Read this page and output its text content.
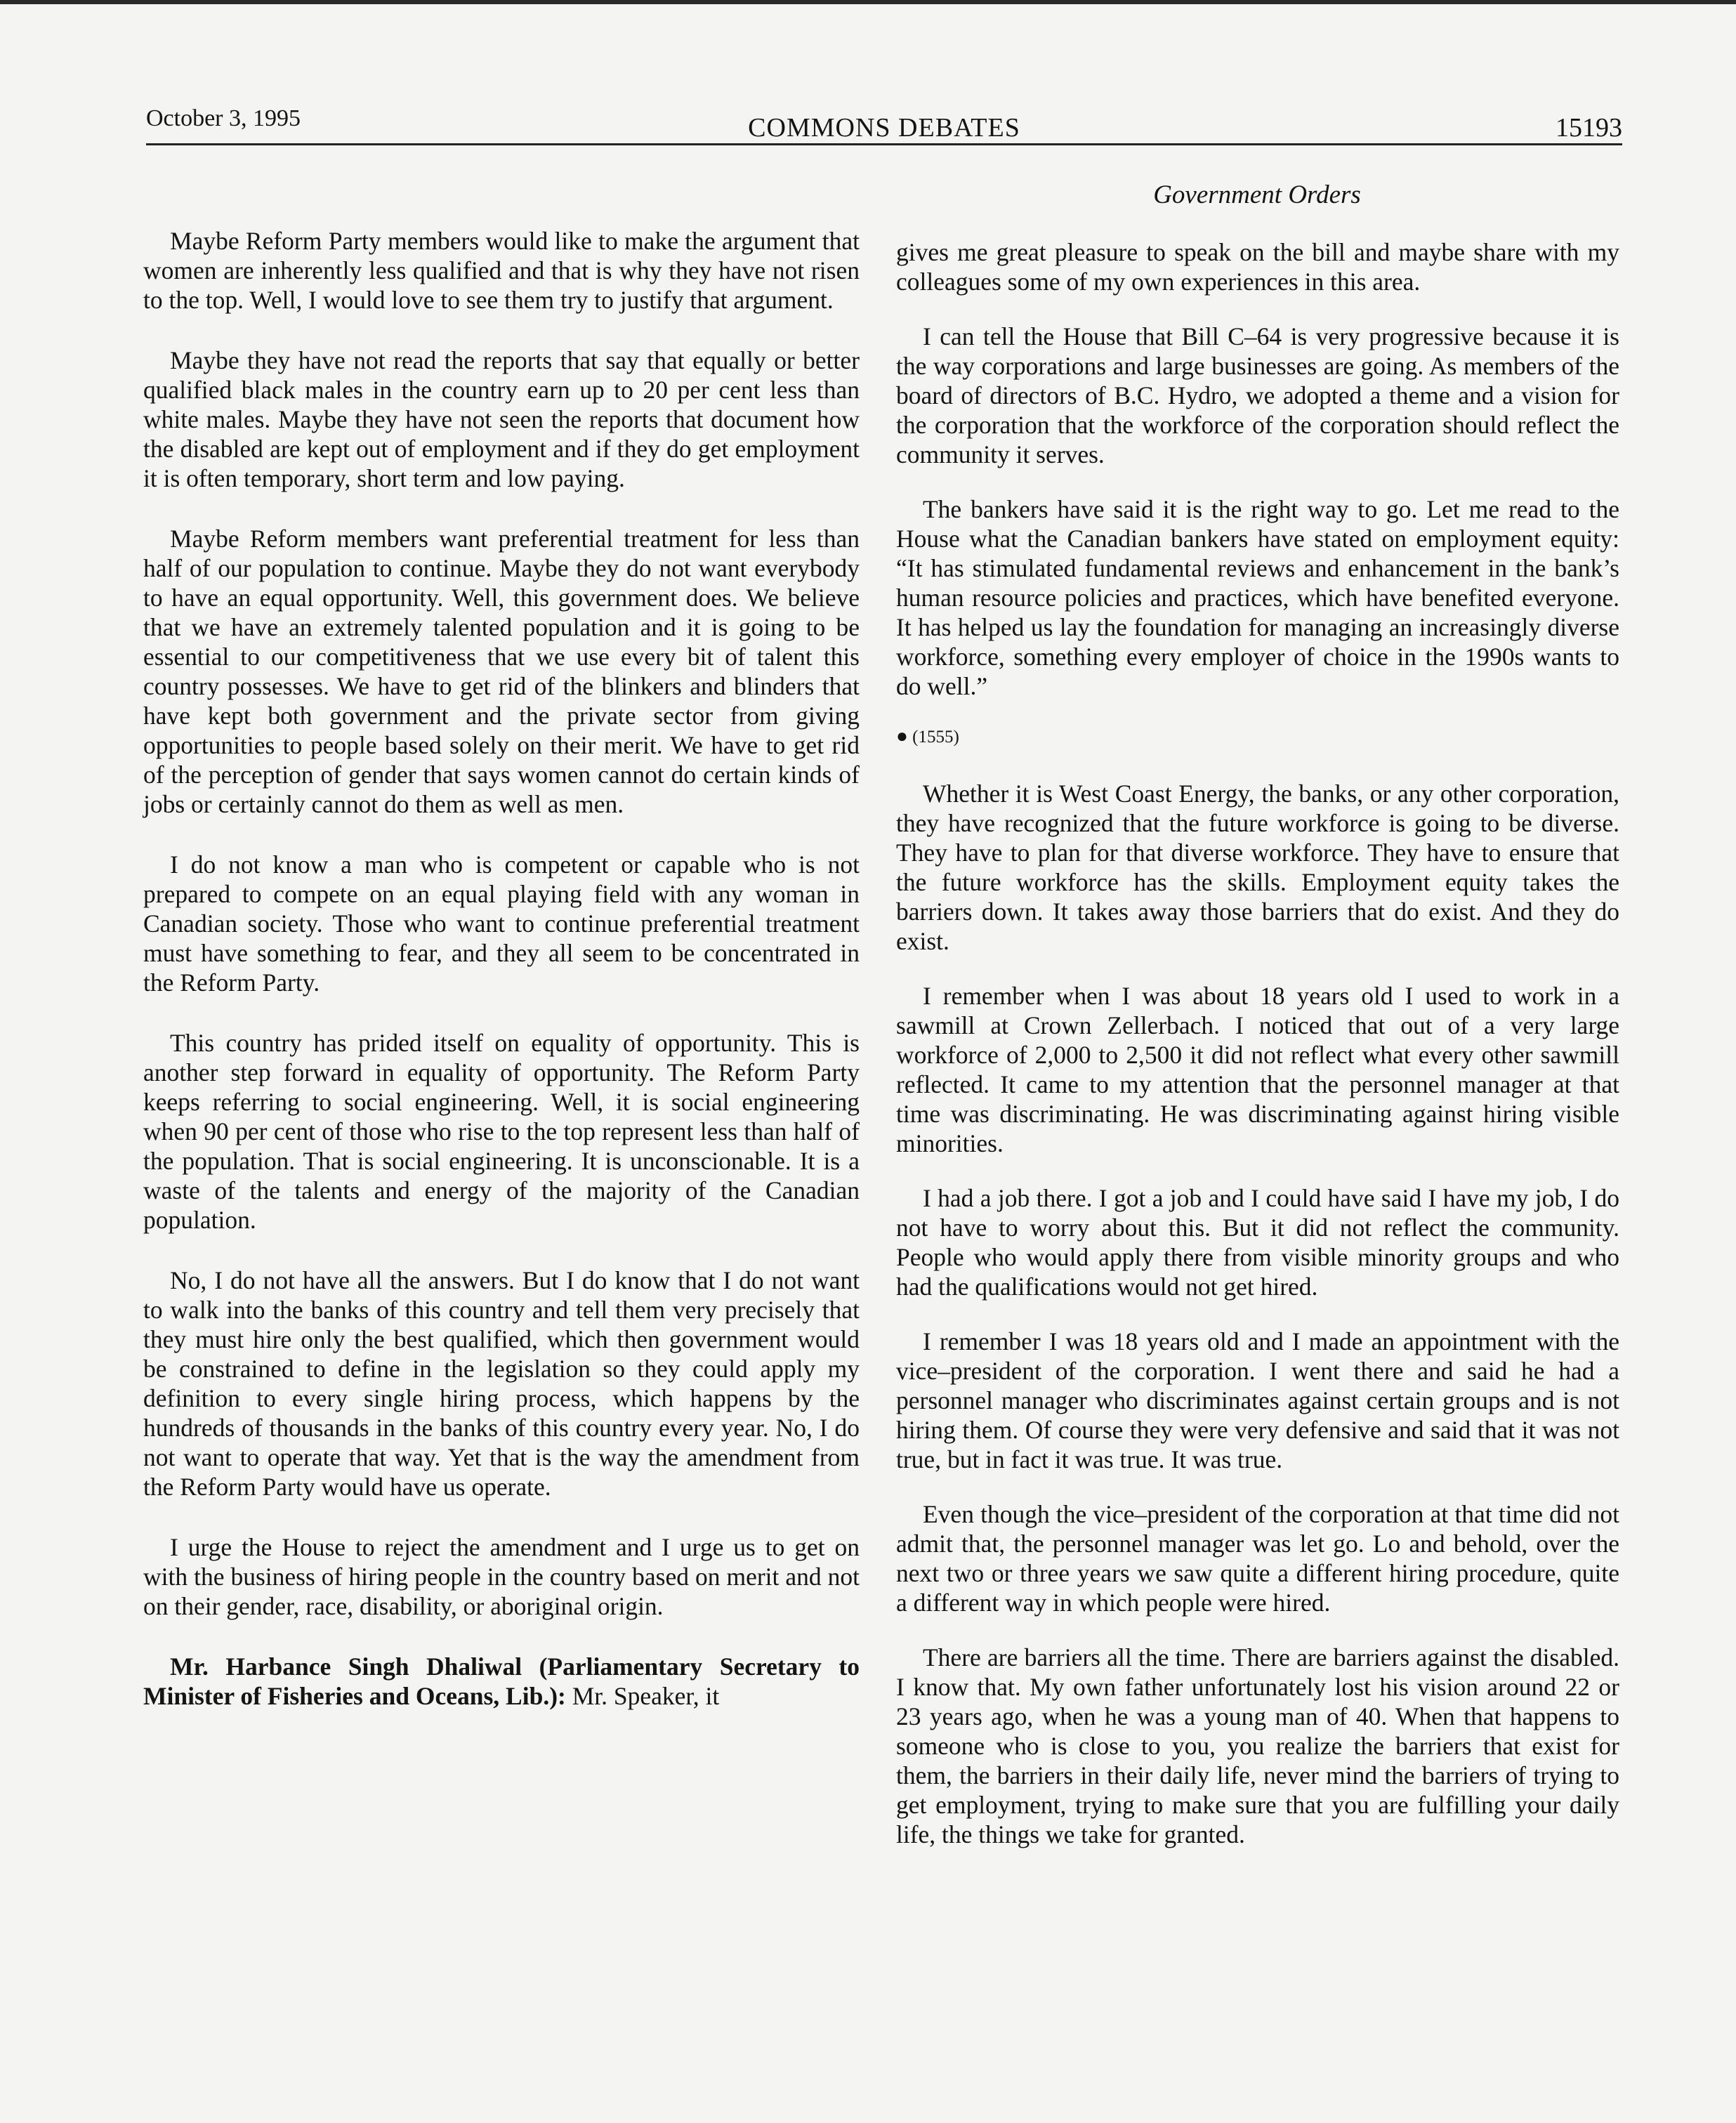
October 3, 1995	COMMONS DEBATES	15193
Government Orders

Maybe Reform Party members would like to make the argument that women are inherently less qualified and that is why they have not risen to the top. Well, I would love to see them try to justify that argument.

Maybe they have not read the reports that say that equally or better qualified black males in the country earn up to 20 per cent less than white males. Maybe they have not seen the reports that document how the disabled are kept out of employment and if they do get employment it is often temporary, short term and low paying.

Maybe Reform members want preferential treatment for less than half of our population to continue. Maybe they do not want everybody to have an equal opportunity. Well, this government does. We believe that we have an extremely talented population and it is going to be essential to our competitiveness that we use every bit of talent this country possesses. We have to get rid of the blinkers and blinders that have kept both government and the private sector from giving opportunities to people based solely on their merit. We have to get rid of the perception of gender that says women cannot do certain kinds of jobs or certainly cannot do them as well as men.

I do not know a man who is competent or capable who is not prepared to compete on an equal playing field with any woman in Canadian society. Those who want to continue preferential treatment must have something to fear, and they all seem to be concentrated in the Reform Party.

This country has prided itself on equality of opportunity. This is another step forward in equality of opportunity. The Reform Party keeps referring to social engineering. Well, it is social engineering when 90 per cent of those who rise to the top represent less than half of the population. That is social engineering. It is unconscionable. It is a waste of the talents and energy of the majority of the Canadian population.

No, I do not have all the answers. But I do know that I do not want to walk into the banks of this country and tell them very precisely that they must hire only the best qualified, which then government would be constrained to define in the legislation so they could apply my definition to every single hiring process, which happens by the hundreds of thousands in the banks of this country every year. No, I do not want to operate that way. Yet that is the way the amendment from the Reform Party would have us operate.

I urge the House to reject the amendment and I urge us to get on with the business of hiring people in the country based on merit and not on their gender, race, disability, or aboriginal origin.

Mr. Harbance Singh Dhaliwal (Parliamentary Secretary to Minister of Fisheries and Oceans, Lib.): Mr. Speaker, it

gives me great pleasure to speak on the bill and maybe share with my colleagues some of my own experiences in this area.

I can tell the House that Bill C–64 is very progressive because it is the way corporations and large businesses are going. As members of the board of directors of B.C. Hydro, we adopted a theme and a vision for the corporation that the workforce of the corporation should reflect the community it serves.

The bankers have said it is the right way to go. Let me read to the House what the Canadian bankers have stated on employment equity: “It has stimulated fundamental reviews and enhancement in the bank’s human resource policies and practices, which have benefited everyone. It has helped us lay the foundation for managing an increasingly diverse workforce, something every employer of choice in the 1990s wants to do well.”

● (1555)

Whether it is West Coast Energy, the banks, or any other corporation, they have recognized that the future workforce is going to be diverse. They have to plan for that diverse workforce. They have to ensure that the future workforce has the skills. Employment equity takes the barriers down. It takes away those barriers that do exist. And they do exist.

I remember when I was about 18 years old I used to work in a sawmill at Crown Zellerbach. I noticed that out of a very large workforce of 2,000 to 2,500 it did not reflect what every other sawmill reflected. It came to my attention that the personnel manager at that time was discriminating. He was discriminating against hiring visible minorities.

I had a job there. I got a job and I could have said I have my job, I do not have to worry about this. But it did not reflect the community. People who would apply there from visible minority groups and who had the qualifications would not get hired.

I remember I was 18 years old and I made an appointment with the vice–president of the corporation. I went there and said he had a personnel manager who discriminates against certain groups and is not hiring them. Of course they were very defensive and said that it was not true, but in fact it was true. It was true.

Even though the vice–president of the corporation at that time did not admit that, the personnel manager was let go. Lo and behold, over the next two or three years we saw quite a different hiring procedure, quite a different way in which people were hired.

There are barriers all the time. There are barriers against the disabled. I know that. My own father unfortunately lost his vision around 22 or 23 years ago, when he was a young man of 40. When that happens to someone who is close to you, you realize the barriers that exist for them, the barriers in their daily life, never mind the barriers of trying to get employment, trying to make sure that you are fulfilling your daily life, the things we take for granted.
